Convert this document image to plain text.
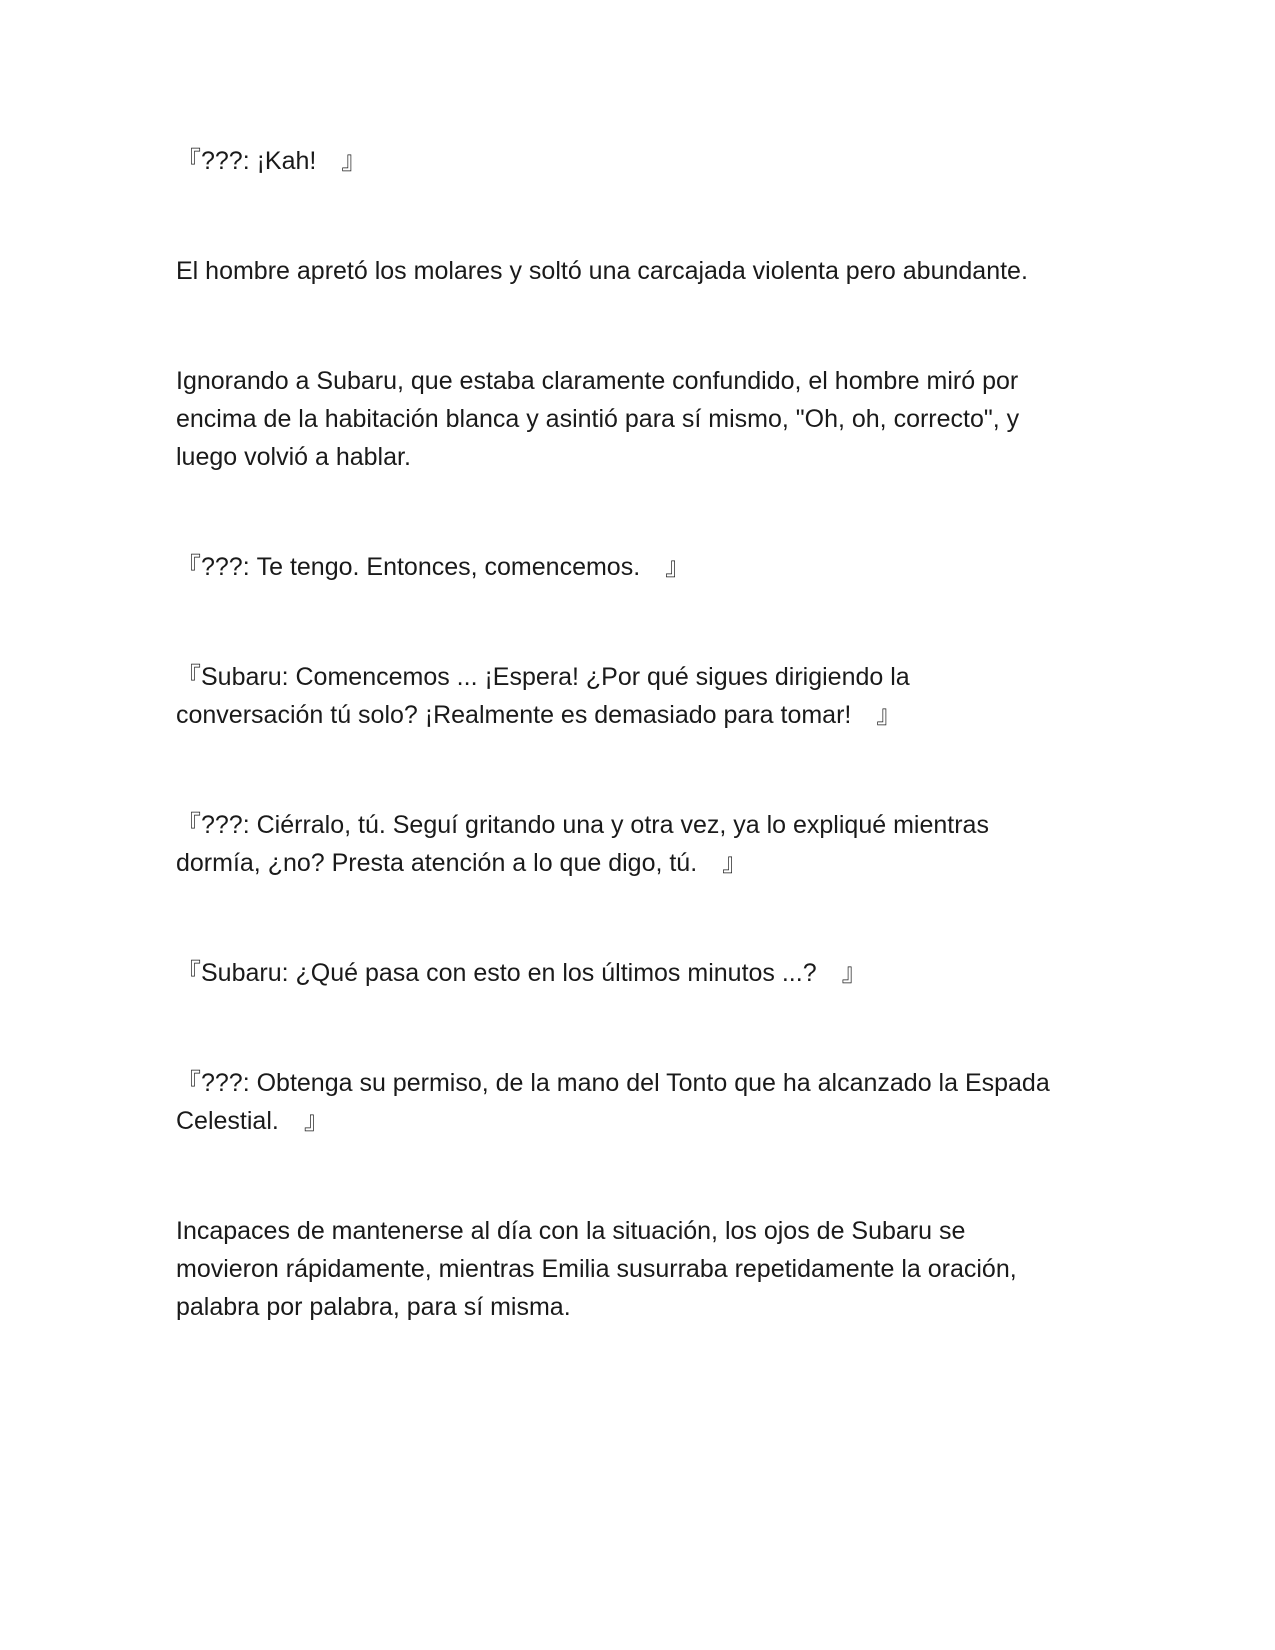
『???: ¡Kah!　』

El hombre apretó los molares y soltó una carcajada violenta pero abundante.

Ignorando a Subaru, que estaba claramente confundido, el hombre miró por
encima de la habitación blanca y asintió para sí mismo, "Oh, oh, correcto", y
luego volvió a hablar.

『???: Te tengo. Entonces, comencemos.　』

『Subaru: Comencemos ... ¡Espera! ¿Por qué sigues dirigiendo la
conversación tú solo? ¡Realmente es demasiado para tomar!　』

『???: Ciérralo, tú. Seguí gritando una y otra vez, ya lo expliqué mientras
dormía, ¿no? Presta atención a lo que digo, tú.　』

『Subaru: ¿Qué pasa con esto en los últimos minutos ...?　』

『???: Obtenga su permiso, de la mano del Tonto que ha alcanzado la Espada
Celestial.　』

Incapaces de mantenerse al día con la situación, los ojos de Subaru se
movieron rápidamente, mientras Emilia susurraba repetidamente la oración,
palabra por palabra, para sí misma.
